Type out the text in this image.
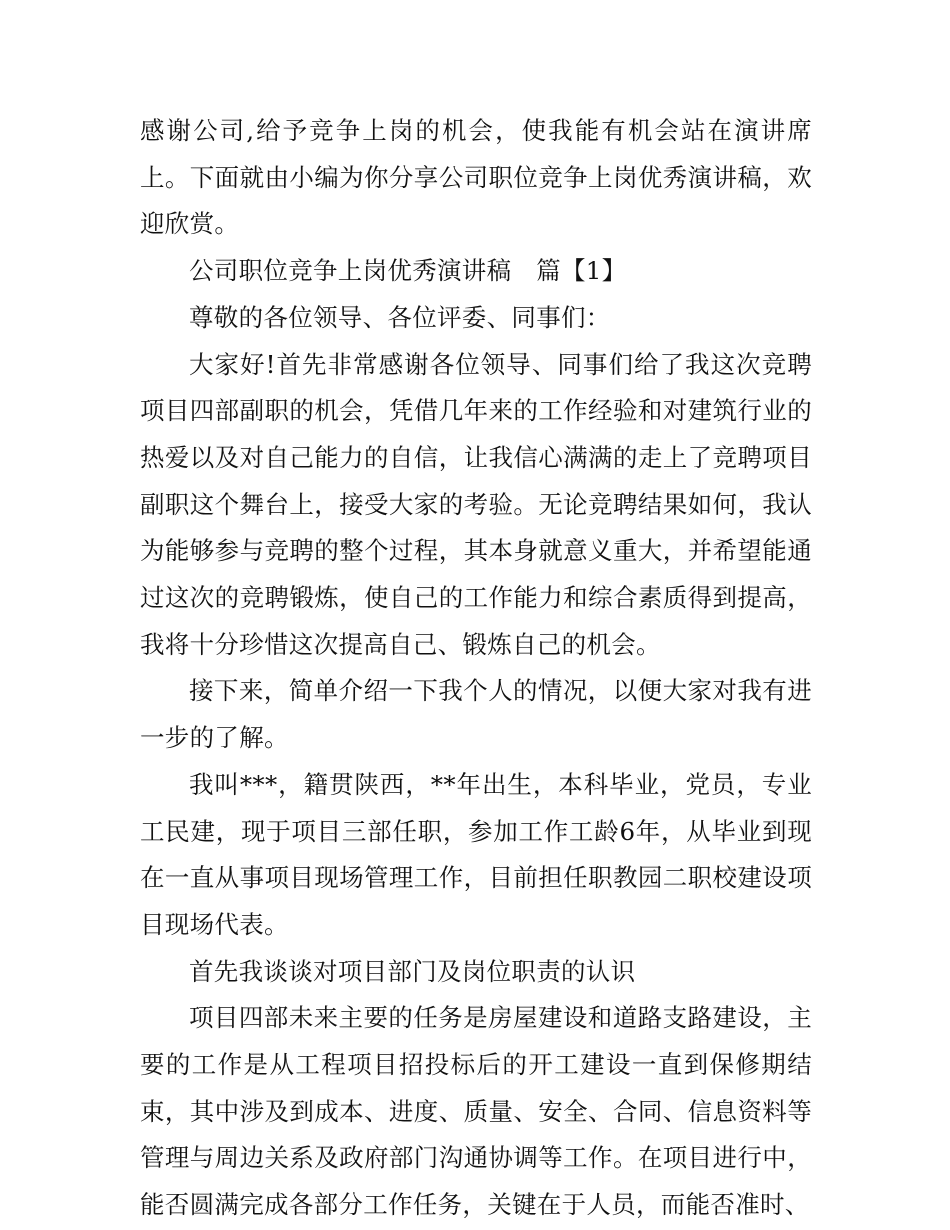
感谢公司,给予竞争上岗的机会，使我能有机会站在演讲席上。下面就由小编为你分享公司职位竞争上岗优秀演讲稿，欢迎欣赏。

公司职位竞争上岗优秀演讲稿　篇【1】

尊敬的各位领导、各位评委、同事们：

大家好!首先非常感谢各位领导、同事们给了我这次竞聘项目四部副职的机会，凭借几年来的工作经验和对建筑行业的热爱以及对自己能力的自信，让我信心满满的走上了竞聘项目副职这个舞台上，接受大家的考验。无论竞聘结果如何，我认为能够参与竞聘的整个过程，其本身就意义重大，并希望能通过这次的竞聘锻炼，使自己的工作能力和综合素质得到提高，我将十分珍惜这次提高自己、锻炼自己的机会。

接下来，简单介绍一下我个人的情况，以便大家对我有进一步的了解。

我叫***，籍贯陕西，**年出生，本科毕业，党员，专业工民建，现于项目三部任职，参加工作工龄6年，从毕业到现在一直从事项目现场管理工作，目前担任职教园二职校建设项目现场代表。

首先我谈谈对项目部门及岗位职责的认识

项目四部未来主要的任务是房屋建设和道路支路建设，主要的工作是从工程项目招投标后的开工建设一直到保修期结束，其中涉及到成本、进度、质量、安全、合同、信息资料等管理与周边关系及政府部门沟通协调等工作。在项目进行中，能否圆满完成各部分工作任务，关键在于人员，而能否准时、
